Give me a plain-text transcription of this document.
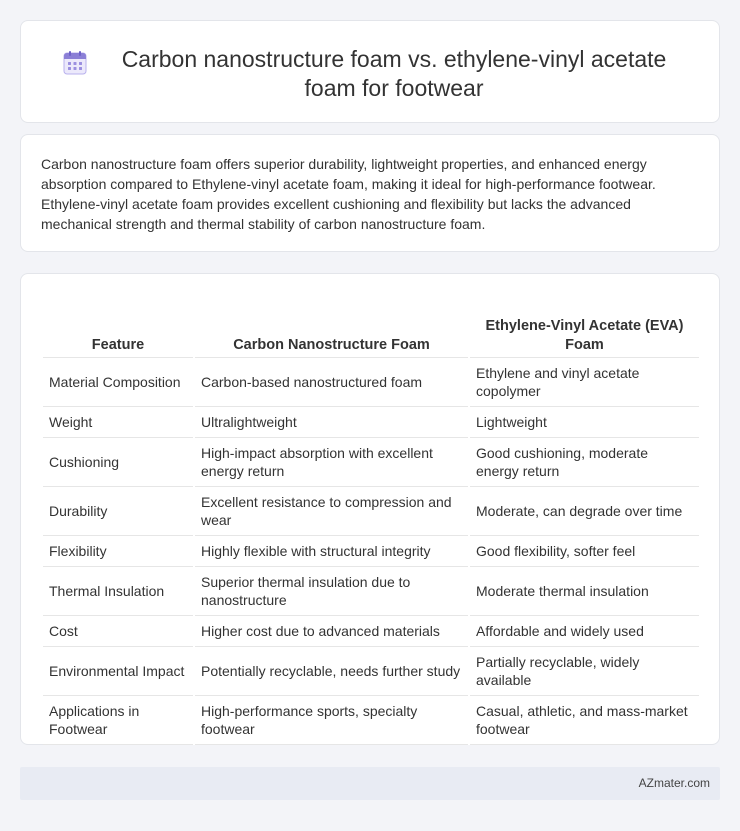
Carbon nanostructure foam vs. ethylene-vinyl acetate foam for footwear

Carbon nanostructure foam offers superior durability, lightweight properties, and enhanced energy absorption compared to Ethylene-vinyl acetate foam, making it ideal for high-performance footwear. Ethylene-vinyl acetate foam provides excellent cushioning and flexibility but lacks the advanced mechanical strength and thermal stability of carbon nanostructure foam.

Feature	Carbon Nanostructure Foam	Ethylene-Vinyl Acetate (EVA) Foam
Material Composition	Carbon-based nanostructured foam	Ethylene and vinyl acetate copolymer
Weight	Ultralightweight	Lightweight
Cushioning	High-impact absorption with excellent energy return	Good cushioning, moderate energy return
Durability	Excellent resistance to compression and wear	Moderate, can degrade over time
Flexibility	Highly flexible with structural integrity	Good flexibility, softer feel
Thermal Insulation	Superior thermal insulation due to nanostructure	Moderate thermal insulation
Cost	Higher cost due to advanced materials	Affordable and widely used
Environmental Impact	Potentially recyclable, needs further study	Partially recyclable, widely available
Applications in Footwear	High-performance sports, specialty footwear	Casual, athletic, and mass-market footwear
AZmater.com
